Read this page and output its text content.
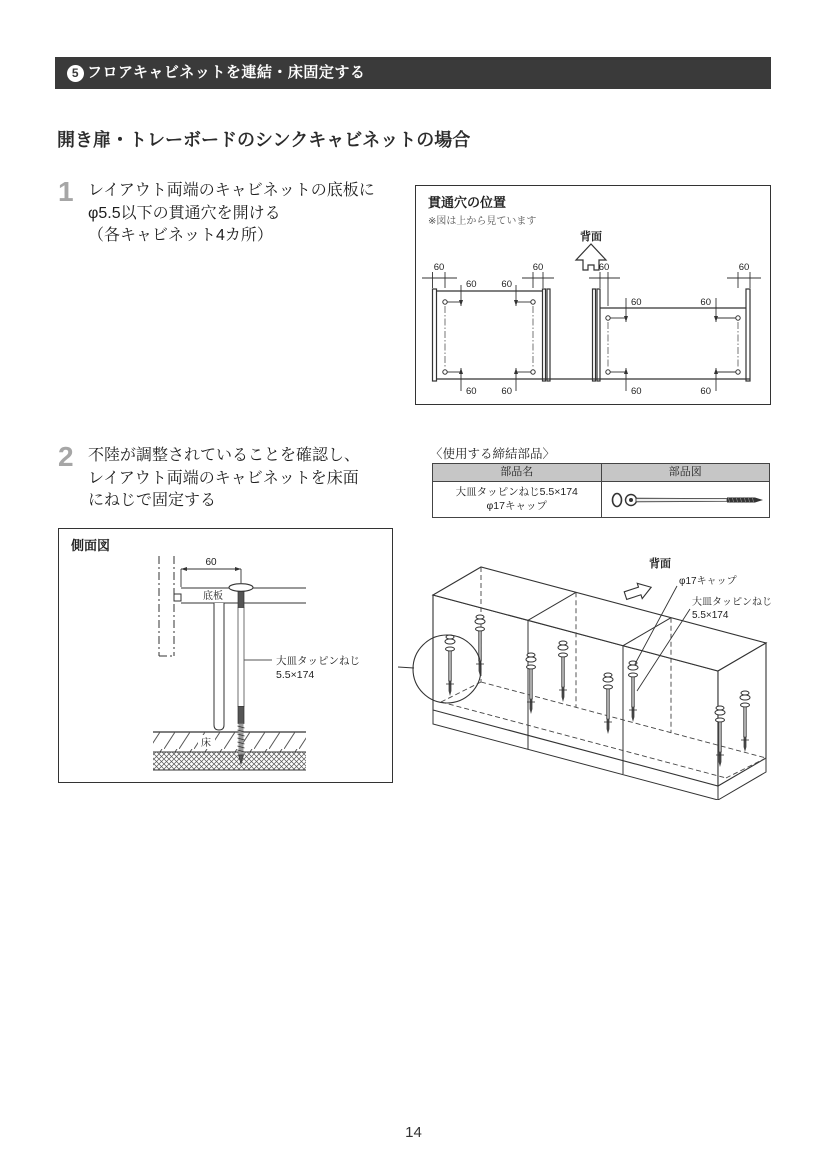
5 フロアキャビネットを連結・床固定する
開き扉・トレーボードのシンクキャビネットの場合
1 レイアウト両端のキャビネットの底板に
φ5.5以下の貫通穴を開ける
（各キャビネット4カ所）
貫通穴の位置
※図は上から見ています
背面
60	60	60	60
60	60
60	60
60	60	60	60
2 不陸が調整されていることを確認し、
レイアウト両端のキャビネットを床面
にねじで固定する
〈使用する締結部品〉
部品名	部品図
大皿タッピンねじ5.5×174
φ17キャップ
側面図
底板
60
床
大皿タッピンねじ
5.5×174
背面
φ17キャップ
大皿タッピンねじ
5.5×174
14
